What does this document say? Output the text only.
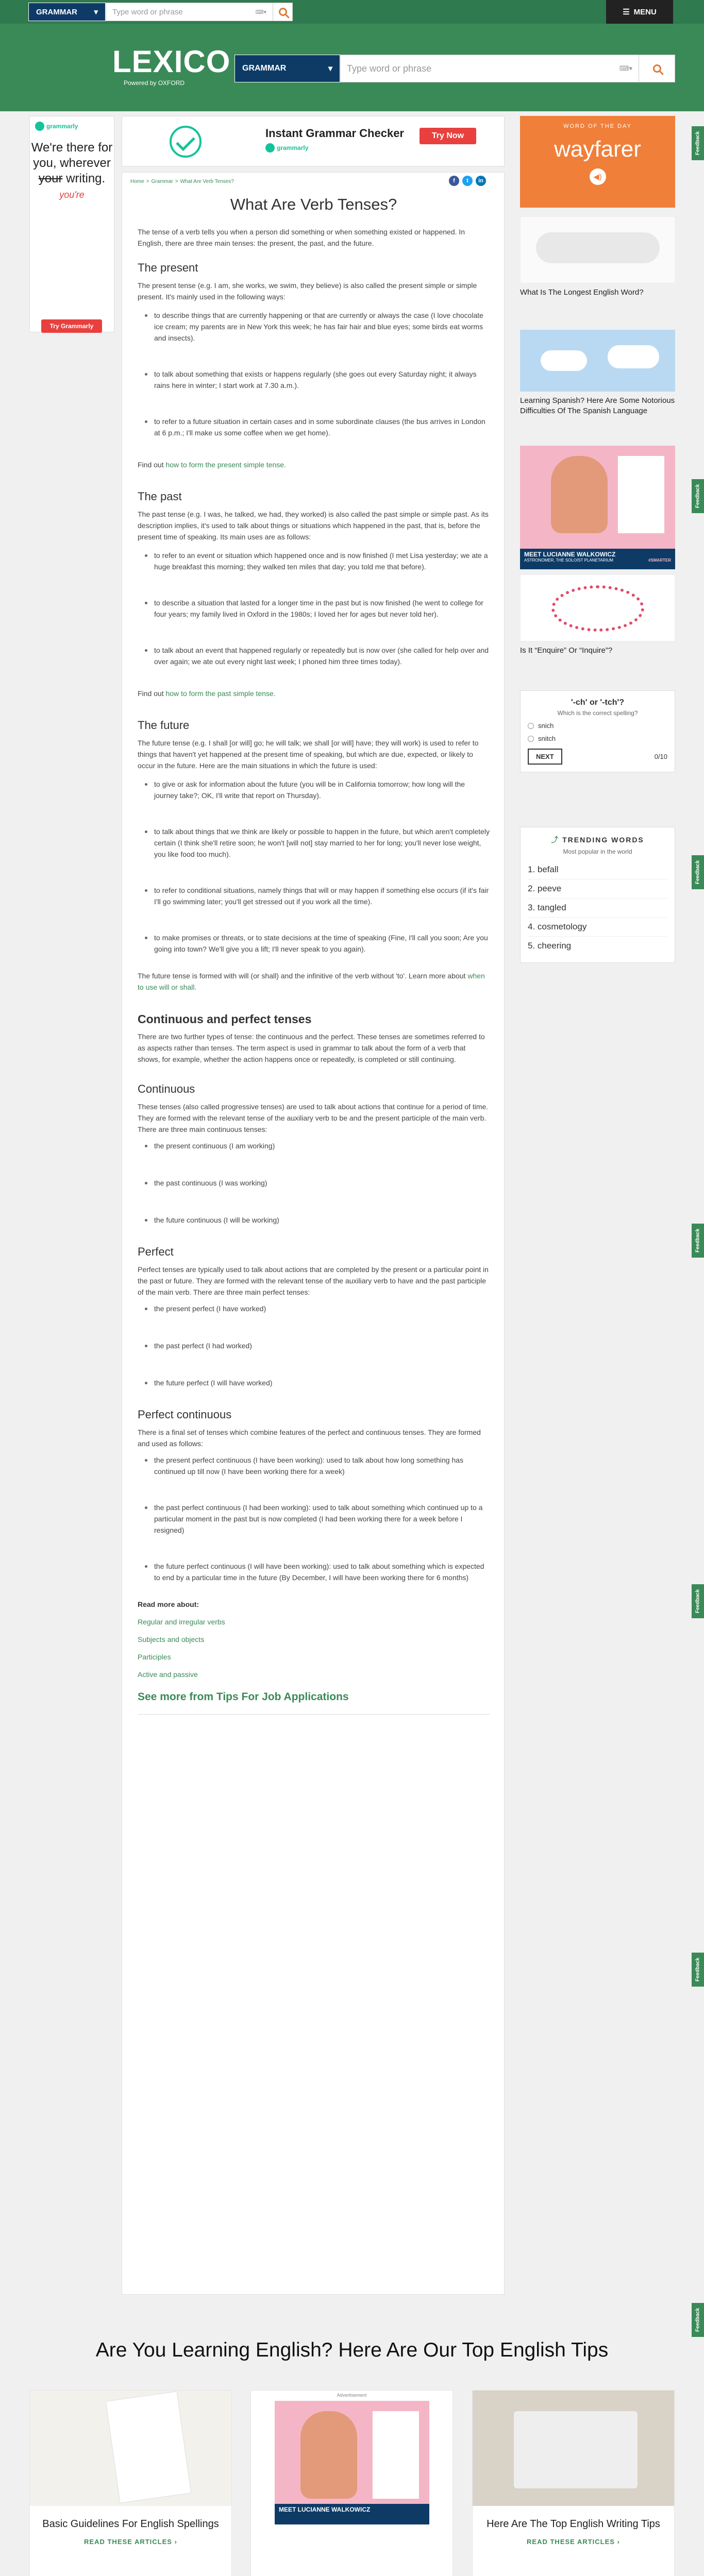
GRAMMAR ▾ Type word or phrase	⌨▾	☰ MENU
LEXICO
Powered by OXFORD
GRAMMAR	▾ Type word or phrase	⌨▾
grammarly
We're there for you, wherever
your writing.
you're
Try Grammarly
Instant Grammar Checker
grammarly
Try Now
Home > Grammar > What Are Verb Tenses?	f	t	in
What Are Verb Tenses?

The tense of a verb tells you when a person did something or when something existed or happened. In English, there are three main tenses: the present, the past, and the future.

The present

The present tense (e.g. I am, she works, we swim, they believe) is also called the present simple or simple present. It's mainly used in the following ways:

to describe things that are currently happening or that are currently or always the case (I love chocolate ice cream; my parents are in New York this week; he has fair hair and blue eyes; some birds eat worms and insects).
to talk about something that exists or happens regularly (she goes out every Saturday night; it always rains here in winter; I start work at 7.30 a.m.).
to refer to a future situation in certain cases and in some subordinate clauses (the bus arrives in London at 6 p.m.; I'll make us some coffee when we get home).

Find out how to form the present simple tense.

The past

The past tense (e.g. I was, he talked, we had, they worked) is also called the past simple or simple past. As its description implies, it's used to talk about things or situations which happened in the past, that is, before the present time of speaking. Its main uses are as follows:

to refer to an event or situation which happened once and is now finished (I met Lisa yesterday; we ate a huge breakfast this morning; they walked ten miles that day; you told me that before).
to describe a situation that lasted for a longer time in the past but is now finished (he went to college for four years; my family lived in Oxford in the 1980s; I loved her for ages but never told her).
to talk about an event that happened regularly or repeatedly but is now over (she called for help over and over again; we ate out every night last week; I phoned him three times today).

Find out how to form the past simple tense.

The future

The future tense (e.g. I shall [or will] go; he will talk; we shall [or will] have; they will work) is used to refer to things that haven't yet happened at the present time of speaking, but which are due, expected, or likely to occur in the future. Here are the main situations in which the future is used:

to give or ask for information about the future (you will be in California tomorrow; how long will the journey take?; OK, I'll write that report on Thursday).
to talk about things that we think are likely or possible to happen in the future, but which aren't completely certain (I think she'll retire soon; he won't [will not] stay married to her for long; you'll never lose weight, you like food too much).
to refer to conditional situations, namely things that will or may happen if something else occurs (if it's fair I'll go swimming later; you'll get stressed out if you work all the time).
to make promises or threats, or to state decisions at the time of speaking (Fine, I'll call you soon; Are you going into town? We'll give you a lift; I'll never speak to you again).

The future tense is formed with will (or shall) and the infinitive of the verb without 'to'. Learn more about when to use will or shall.

Continuous and perfect tenses

There are two further types of tense: the continuous and the perfect. These tenses are sometimes referred to as aspects rather than tenses. The term aspect is used in grammar to talk about the form of a verb that shows, for example, whether the action happens once or repeatedly, is completed or still continuing.

Continuous

These tenses (also called progressive tenses) are used to talk about actions that continue for a period of time. They are formed with the relevant tense of the auxiliary verb to be and the present participle of the main verb. There are three main continuous tenses:

the present continuous (I am working)
the past continuous (I was working)
the future continuous (I will be working)
Perfect

Perfect tenses are typically used to talk about actions that are completed by the present or a particular point in the past or future. They are formed with the relevant tense of the auxiliary verb to have and the past participle of the main verb. There are three main perfect tenses:

the present perfect (I have worked)
the past perfect (I had worked)
the future perfect (I will have worked)
Perfect continuous

There is a final set of tenses which combine features of the perfect and continuous tenses. They are formed and used as follows:

the present perfect continuous (I have been working): used to talk about how long something has continued up till now (I have been working there for a week)
the past perfect continuous (I had been working): used to talk about something which continued up to a particular moment in the past but is now completed (I had been working there for a week before I resigned)
the future perfect continuous (I will have been working): used to talk about something which is expected to end by a particular time in the future (By December, I will have been working there for 6 months)
Read more about:
Regular and irregular verbs
Subjects and objects
Participles
Active and passive
See more from Tips For Job Applications
WORD OF THE DAY
wayfarer
◀)
What Is The Longest English Word?
Learning Spanish? Here Are Some Notorious Difficulties Of The Spanish Language
MEET LUCIANNE WALKOWICZ
ASTRONOMER, THE SOLOIST PLANETARIUM	#SMARTER
Is It “Enquire” Or “Inquire”?
'-ch' or '-tch'?
Which is the correct spelling?
snich
snitch
NEXT	0/10
⤴ TRENDING WORDS
Most popular in the world
1. befall
2. peeve
3. tangled
4. cosmetology
5. cheering
Feedback
Feedback
Feedback
Feedback
Feedback
Feedback
Feedback
Are You Learning English? Here Are Our Top English Tips
Basic Guidelines For English Spellings
READ THESE ARTICLES ›
Advertisement
MEET LUCIANNE WALKOWICZ
Here Are The Top English Writing Tips
READ THESE ARTICLES ›
